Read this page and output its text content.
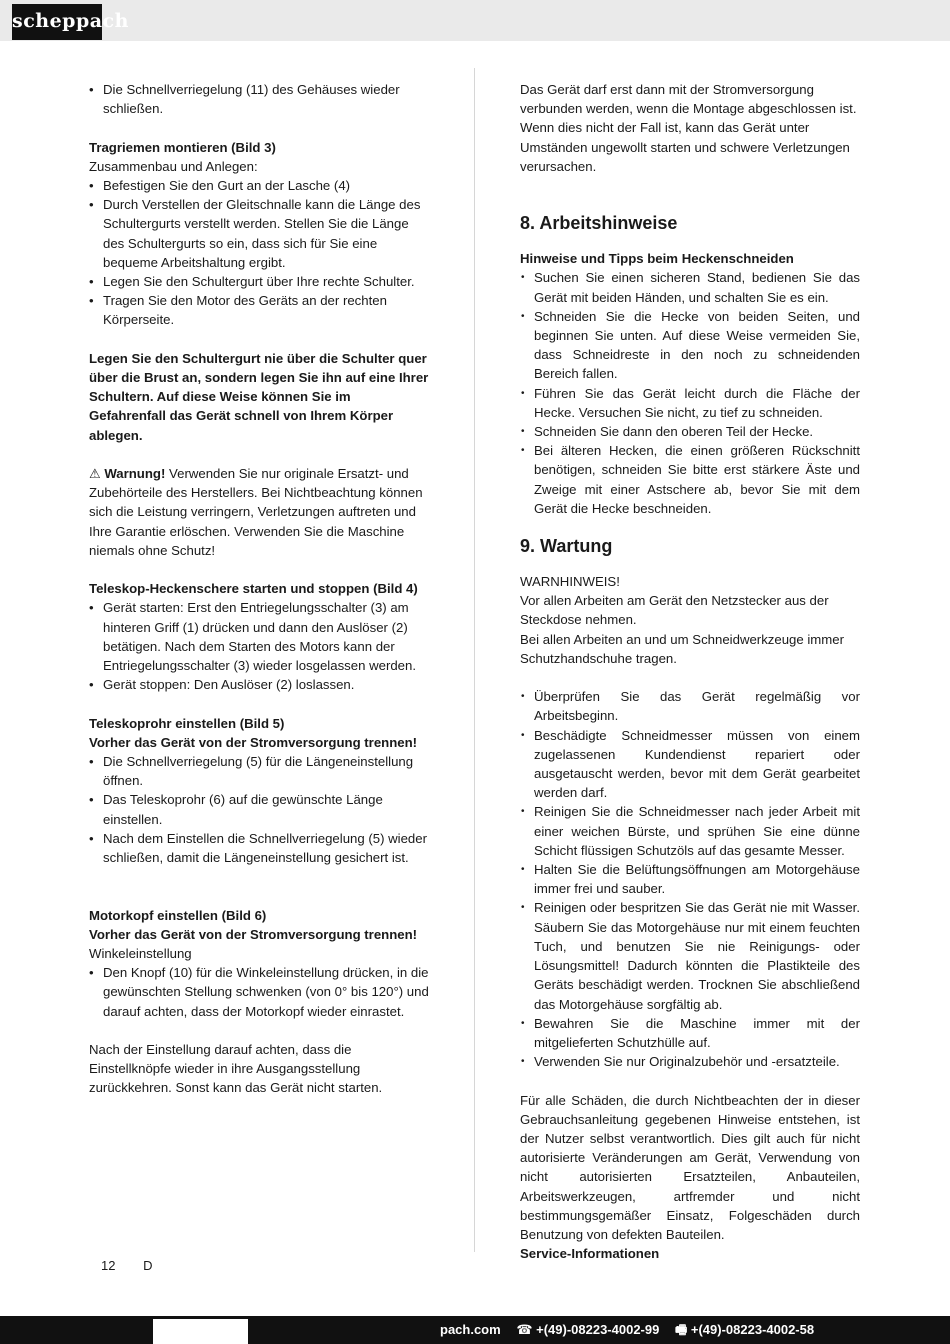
scheppach
• Die Schnellverriegelung (11) des Gehäuses wieder schließen.

Tragriemen montieren (Bild 3)

Zusammenbau und Anlegen:

• Befestigen Sie den Gurt an der Lasche (4)
• Durch Verstellen der Gleitschnalle kann die Länge des Schultergurts verstellt werden. Stellen Sie die Länge des Schultergurts so ein, dass sich für Sie eine bequeme Arbeitshaltung ergibt.
• Legen Sie den Schultergurt über Ihre rechte Schulter.
• Tragen Sie den Motor des Geräts an der rechten Körperseite.

Legen Sie den Schultergurt nie über die Schulter quer über die Brust an, sondern legen Sie ihn auf eine Ihrer Schultern. Auf diese Weise können Sie im Gefahrenfall das Gerät schnell von Ihrem Körper ablegen.

⚠ Warnung! Verwenden Sie nur originale Ersatzt- und Zubehörteile des Herstellers. Bei Nichtbeachtung können sich die Leistung verringern, Verletzungen auftreten und Ihre Garantie erlöschen. Verwenden Sie die Maschine niemals ohne Schutz!

Teleskop-Heckenschere starten und stoppen (Bild 4)

• Gerät starten: Erst den Entriegelungsschalter (3) am hinteren Griff (1) drücken und dann den Auslöser (2) betätigen. Nach dem Starten des Motors kann der Entriegelungsschalter (3) wieder losgelassen werden.
• Gerät stoppen: Den Auslöser (2) loslassen.

Teleskoprohr einstellen (Bild 5)

Vorher das Gerät von der Stromversorgung trennen!

• Die Schnellverriegelung (5) für die Längeneinstellung öffnen.
• Das Teleskoprohr (6) auf die gewünschte Länge einstellen.
• Nach dem Einstellen die Schnellverriegelung (5) wieder schließen, damit die Längeneinstellung gesichert ist.

Motorkopf einstellen (Bild 6)

Vorher das Gerät von der Stromversorgung trennen!

Winkeleinstellung

• Den Knopf (10) für die Winkeleinstellung drücken, in die gewünschten Stellung schwenken (von 0° bis 120°) und darauf achten, dass der Motorkopf wieder einrastet.

Nach der Einstellung darauf achten, dass die Einstellknöpfe wieder in ihre Ausgangsstellung zurückkehren. Sonst kann das Gerät nicht starten.

Das Gerät darf erst dann mit der Stromversorgung verbunden werden, wenn die Montage abgeschlossen ist. Wenn dies nicht der Fall ist, kann das Gerät unter Umständen ungewollt starten und schwere Verletzungen verursachen.

8. Arbeitshinweise

Hinweise und Tipps beim Heckenschneiden

• Suchen Sie einen sicheren Stand, bedienen Sie das Gerät mit beiden Händen, und schalten Sie es ein.
• Schneiden Sie die Hecke von beiden Seiten, und beginnen Sie unten. Auf diese Weise vermeiden Sie, dass Schneidreste in den noch zu schneidenden Bereich fallen.
• Führen Sie das Gerät leicht durch die Fläche der Hecke. Versuchen Sie nicht, zu tief zu schneiden.
• Schneiden Sie dann den oberen Teil der Hecke.
• Bei älteren Hecken, die einen größeren Rückschnitt benötigen, schneiden Sie bitte erst stärkere Äste und Zweige mit einer Astschere ab, bevor Sie mit dem Gerät die Hecke beschneiden.
9. Wartung

WARNHINWEIS!

Vor allen Arbeiten am Gerät den Netzstecker aus der Steckdose nehmen.

Bei allen Arbeiten an und um Schneidwerkzeuge immer Schutzhandschuhe tragen.

• Überprüfen Sie das Gerät regelmäßig vor Arbeitsbeginn.
• Beschädigte Schneidmesser müssen von einem zugelassenen Kundendienst repariert oder ausgetauscht werden, bevor mit dem Gerät gearbeitet werden darf.
• Reinigen Sie die Schneidmesser nach jeder Arbeit mit einer weichen Bürste, und sprühen Sie eine dünne Schicht flüssigen Schutzöls auf das gesamte Messer.
• Halten Sie die Belüftungsöffnungen am Motorgehäuse immer frei und sauber.
• Reinigen oder bespritzen Sie das Gerät nie mit Wasser. Säubern Sie das Motorgehäuse nur mit einem feuchten Tuch, und benutzen Sie nie Reinigungs- oder Lösungsmittel! Dadurch könnten die Plastikteile des Geräts beschädigt werden. Trocknen Sie abschließend das Motorgehäuse sorgfältig ab.
• Bewahren Sie die Maschine immer mit der mitgelieferten Schutzhülle auf.
• Verwenden Sie nur Originalzubehör und -ersatzteile.

Für alle Schäden, die durch Nichtbeachten der in dieser Gebrauchsanleitung gegebenen Hinweise entstehen, ist der Nutzer selbst verantwortlich. Dies gilt auch für nicht autorisierte Veränderungen am Gerät, Verwendung von nicht autorisierten Ersatzteilen, Anbauteilen, Arbeitswerkzeugen, artfremder und nicht bestimmungsgemäßer Einsatz, Folgeschäden durch Benutzung von defekten Bauteilen.

Service-Informationen

12 D
pach.com ☎ +(49)-08223-4002-99 🖷 +(49)-08223-4002-58
